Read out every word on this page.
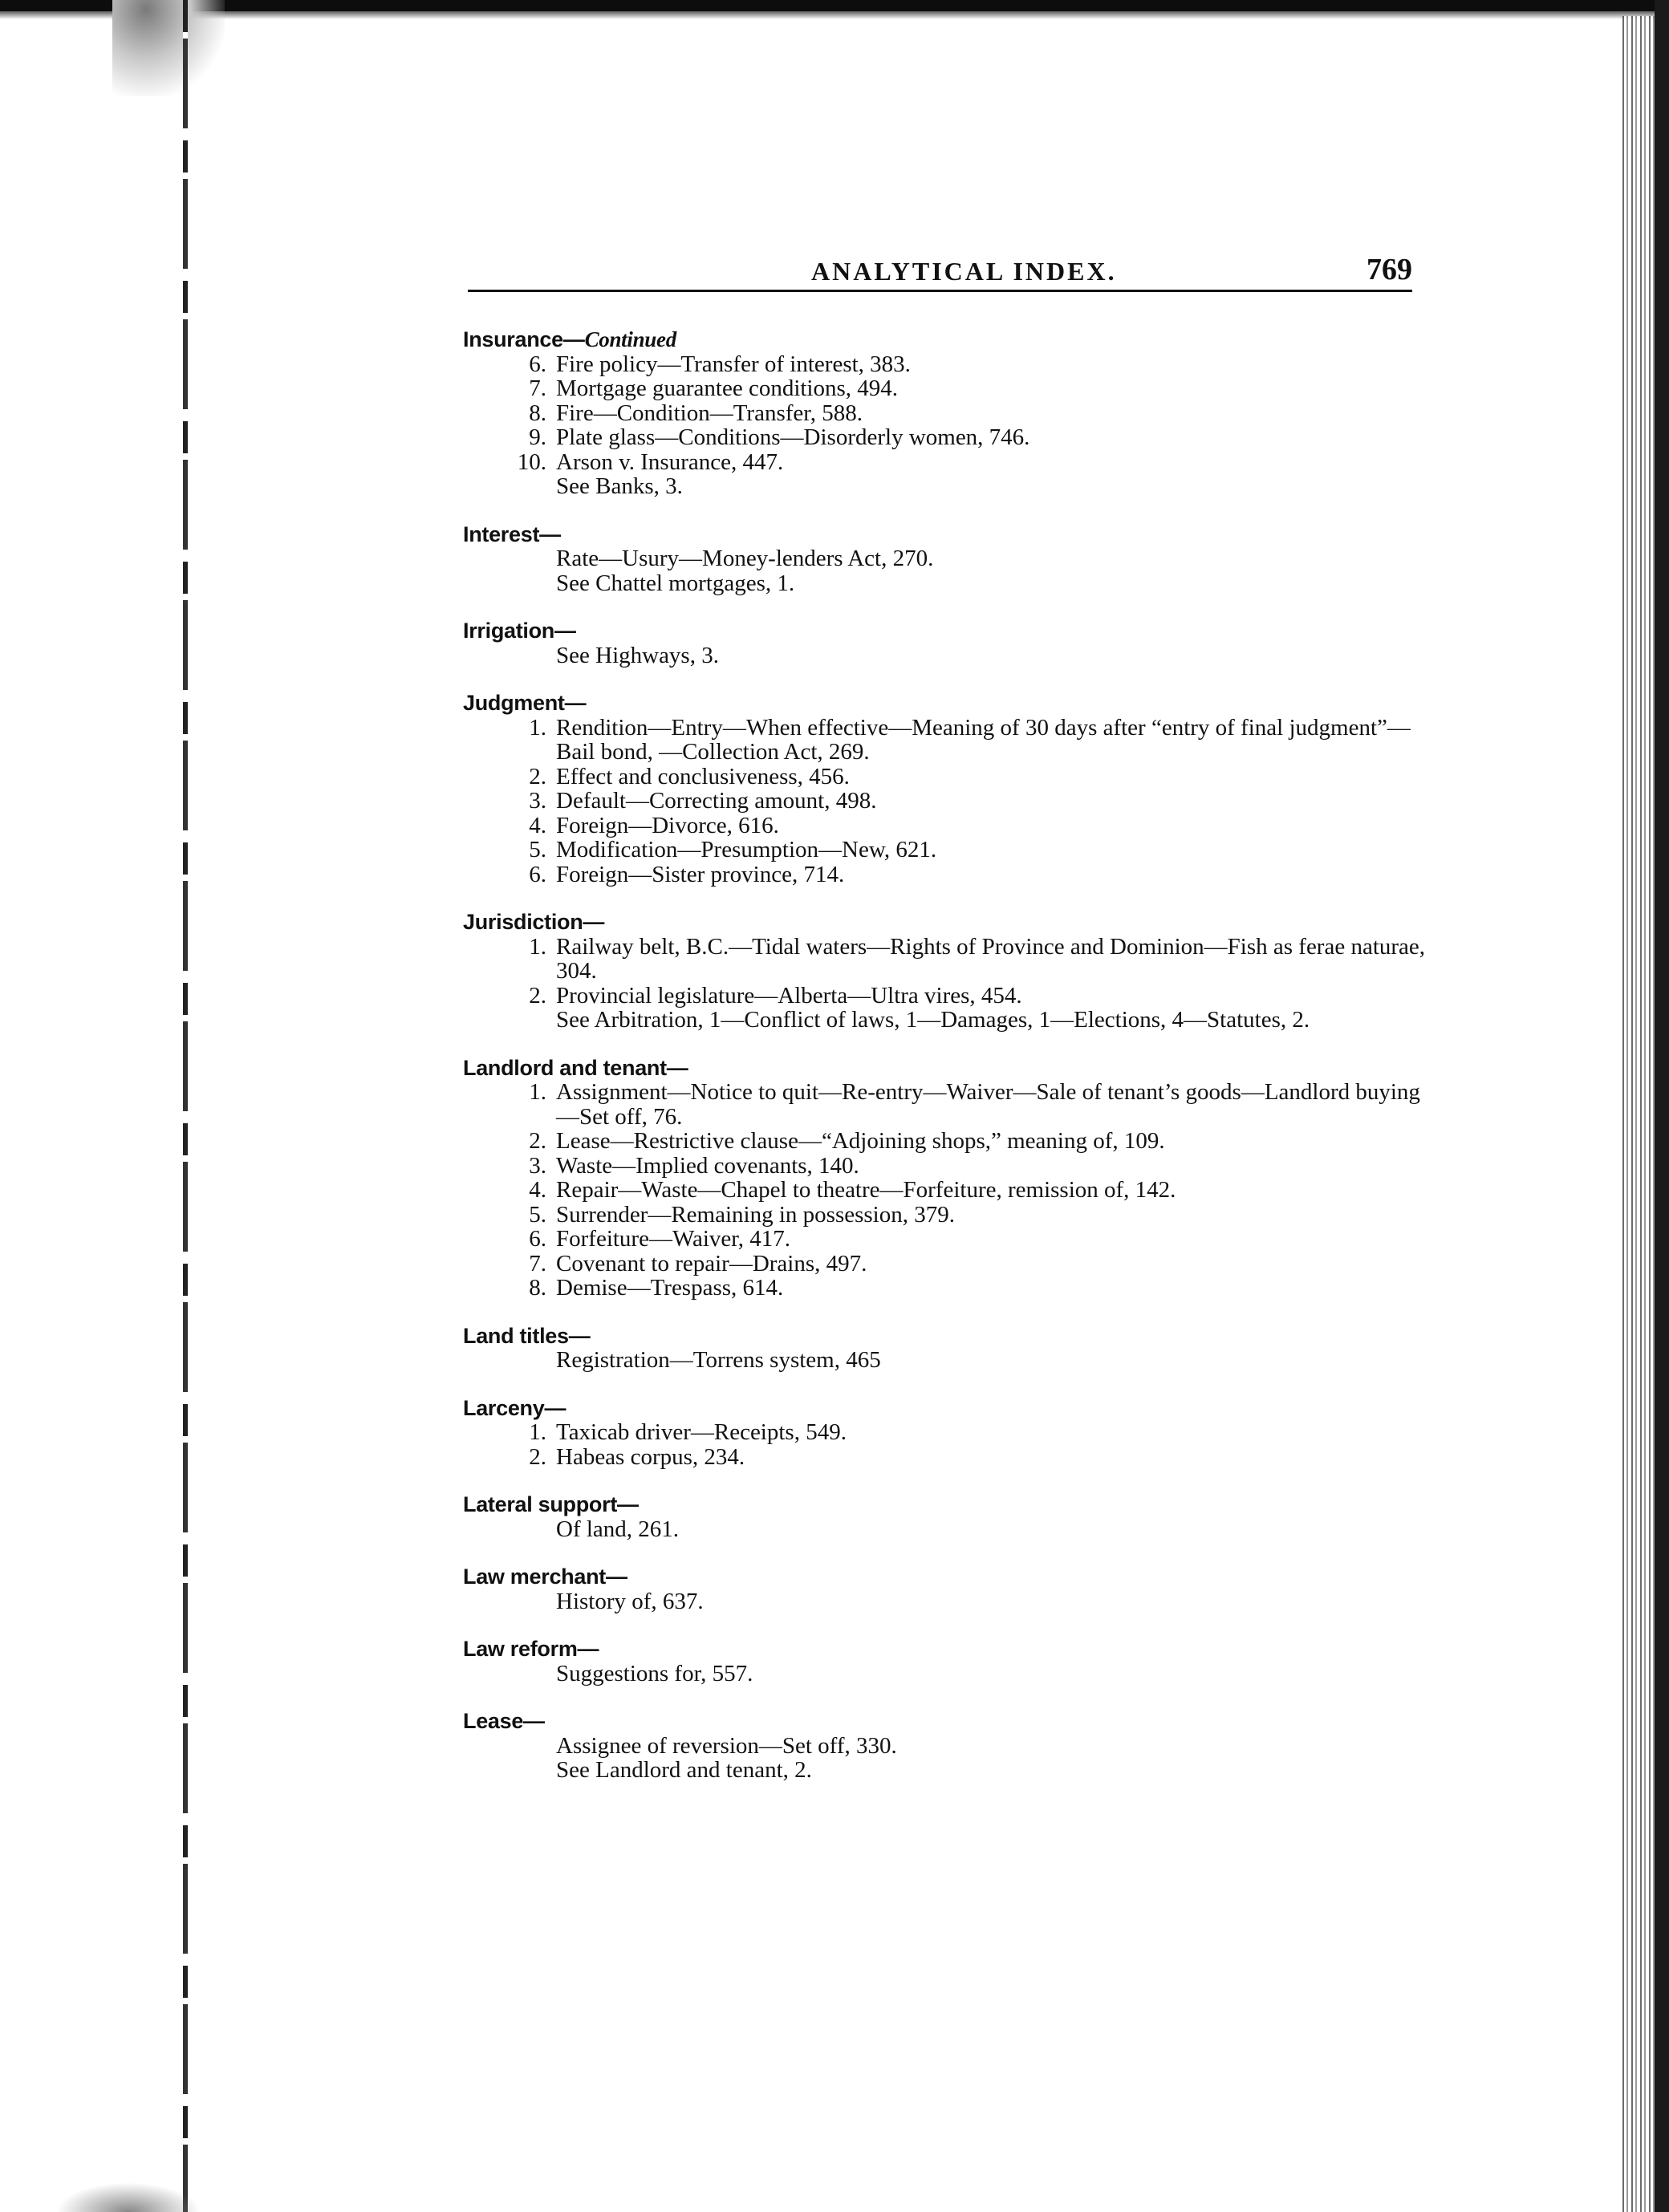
ANALYTICAL INDEX.	769
Insurance—Continued
6. Fire policy—Transfer of interest, 383.
7. Mortgage guarantee conditions, 494.
8. Fire—Condition—Transfer, 588.
9. Plate glass—Conditions—Disorderly women, 746.
10. Arson v. Insurance, 447.
See Banks, 3.
Interest—
Rate—Usury—Money-lenders Act, 270.
See Chattel mortgages, 1.
Irrigation—
See Highways, 3.
Judgment—
1. Rendition—Entry—When effective—Meaning of 30 days after “entry of final judgment”—Bail bond, —Collection Act, 269.
2. Effect and conclusiveness, 456.
3. Default—Correcting amount, 498.
4. Foreign—Divorce, 616.
5. Modification—Presumption—New, 621.
6. Foreign—Sister province, 714.
Jurisdiction—
1. Railway belt, B.C.—Tidal waters—Rights of Province and Dominion—Fish as ferae naturae, 304.
2. Provincial legislature—Alberta—Ultra vires, 454.
See Arbitration, 1—Conflict of laws, 1—Damages, 1—Elections, 4—Statutes, 2.
Landlord and tenant—
1. Assignment—Notice to quit—Re-entry—Waiver—Sale of tenant’s goods—Landlord buying—Set off, 76.
2. Lease—Restrictive clause—“Adjoining shops,” meaning of, 109.
3. Waste—Implied covenants, 140.
4. Repair—Waste—Chapel to theatre—Forfeiture, remission of, 142.
5. Surrender—Remaining in possession, 379.
6. Forfeiture—Waiver, 417.
7. Covenant to repair—Drains, 497.
8. Demise—Trespass, 614.
Land titles—
Registration—Torrens system, 465
Larceny—
1. Taxicab driver—Receipts, 549.
2. Habeas corpus, 234.
Lateral support—
Of land, 261.
Law merchant—
History of, 637.
Law reform—
Suggestions for, 557.
Lease—
Assignee of reversion—Set off, 330.
See Landlord and tenant, 2.
